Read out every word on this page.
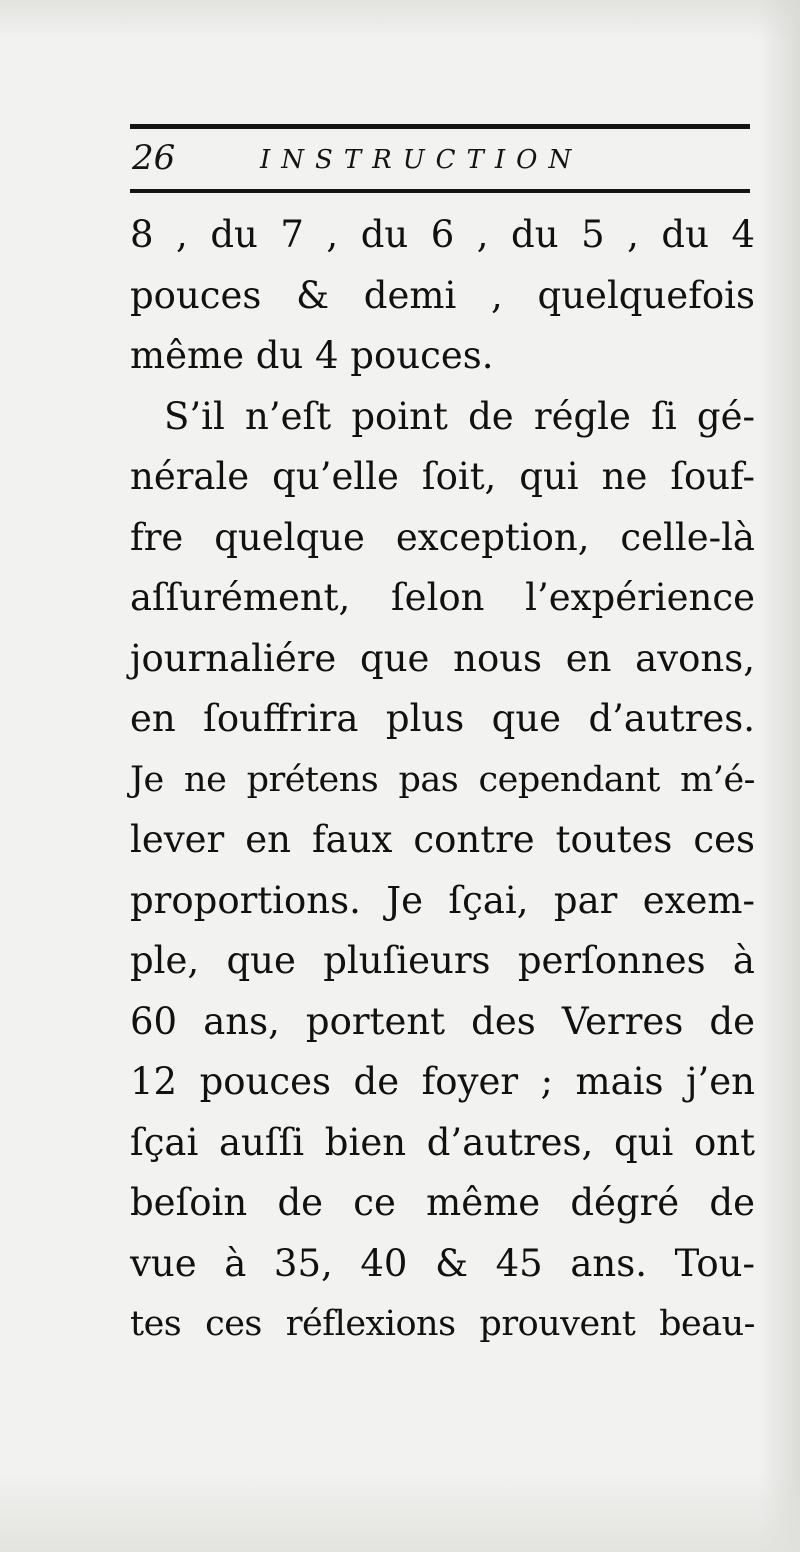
26	INSTRUCTION
8 , du 7 , du 6 , du 5 , du 4
pouces & demi , quelquefois
même du 4 pouces.
S’il n’eſt point de régle ſi gé-
nérale qu’elle ſoit, qui ne ſouf-
fre quelque exception, celle-là
aſſurément, ſelon l’expérience
journaliére que nous en avons,
en ſouffrira plus que d’autres.
Je ne prétens pas cependant m’é-
lever en faux contre toutes ces
proportions. Je ſçai, par exem-
ple, que pluſieurs perſonnes à
60 ans, portent des Verres de
12 pouces de foyer ; mais j’en
ſçai auſſi bien d’autres, qui ont
beſoin de ce même dégré de
vue à 35, 40 & 45 ans. Tou-
tes ces réflexions prouvent beau-
